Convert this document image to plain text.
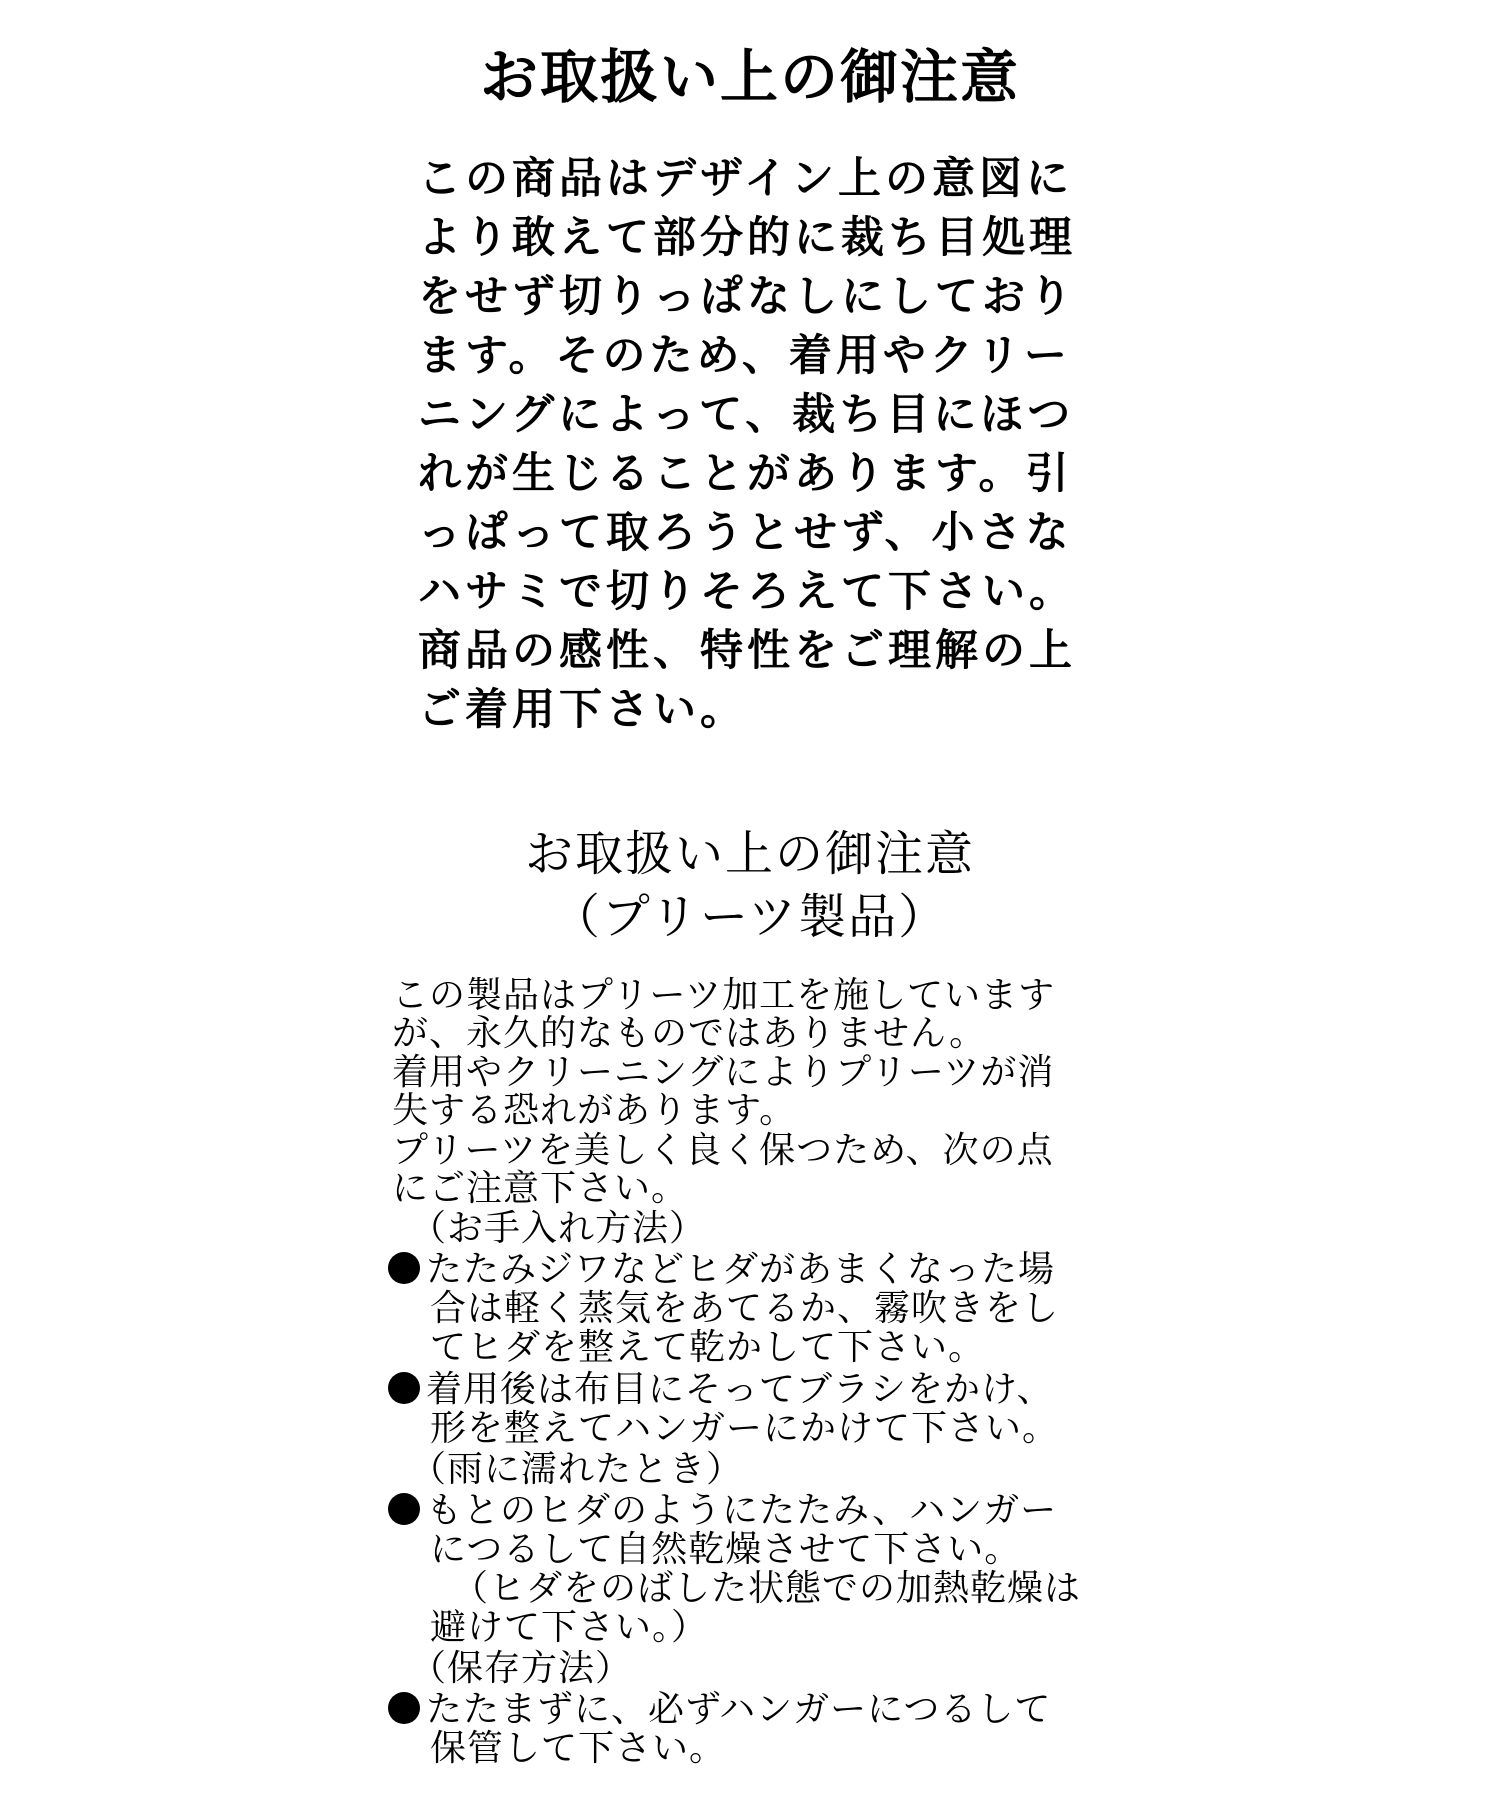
お取扱い上の御注意
この商品はデザイン上の意図に
より敢えて部分的に裁ち目処理
をせず切りっぱなしにしており
ます。そのため、着用やクリー
ニングによって、裁ち目にほつ
れが生じることがあります。引
っぱって取ろうとせず、小さな
ハサミで切りそろえて下さい。
商品の感性、特性をご理解の上
ご着用下さい。
お取扱い上の御注意
（プリーツ製品）
この製品はプリーツ加工を施しています
が、永久的なものではありません。
着用やクリーニングによりプリーツが消
失する恐れがあります。
プリーツを美しく良く保つため、次の点
にご注意下さい。
（お手入れ方法）
たたみジワなどヒダがあまくなった場
合は軽く蒸気をあてるか、霧吹きをし
てヒダを整えて乾かして下さい。
着用後は布目にそってブラシをかけ、
形を整えてハンガーにかけて下さい。
（雨に濡れたとき）
もとのヒダのようにたたみ、ハンガー
につるして自然乾燥させて下さい。
（ヒダをのばした状態での加熱乾燥は
避けて下さい。）
（保存方法）
たたまずに、必ずハンガーにつるして
保管して下さい。
